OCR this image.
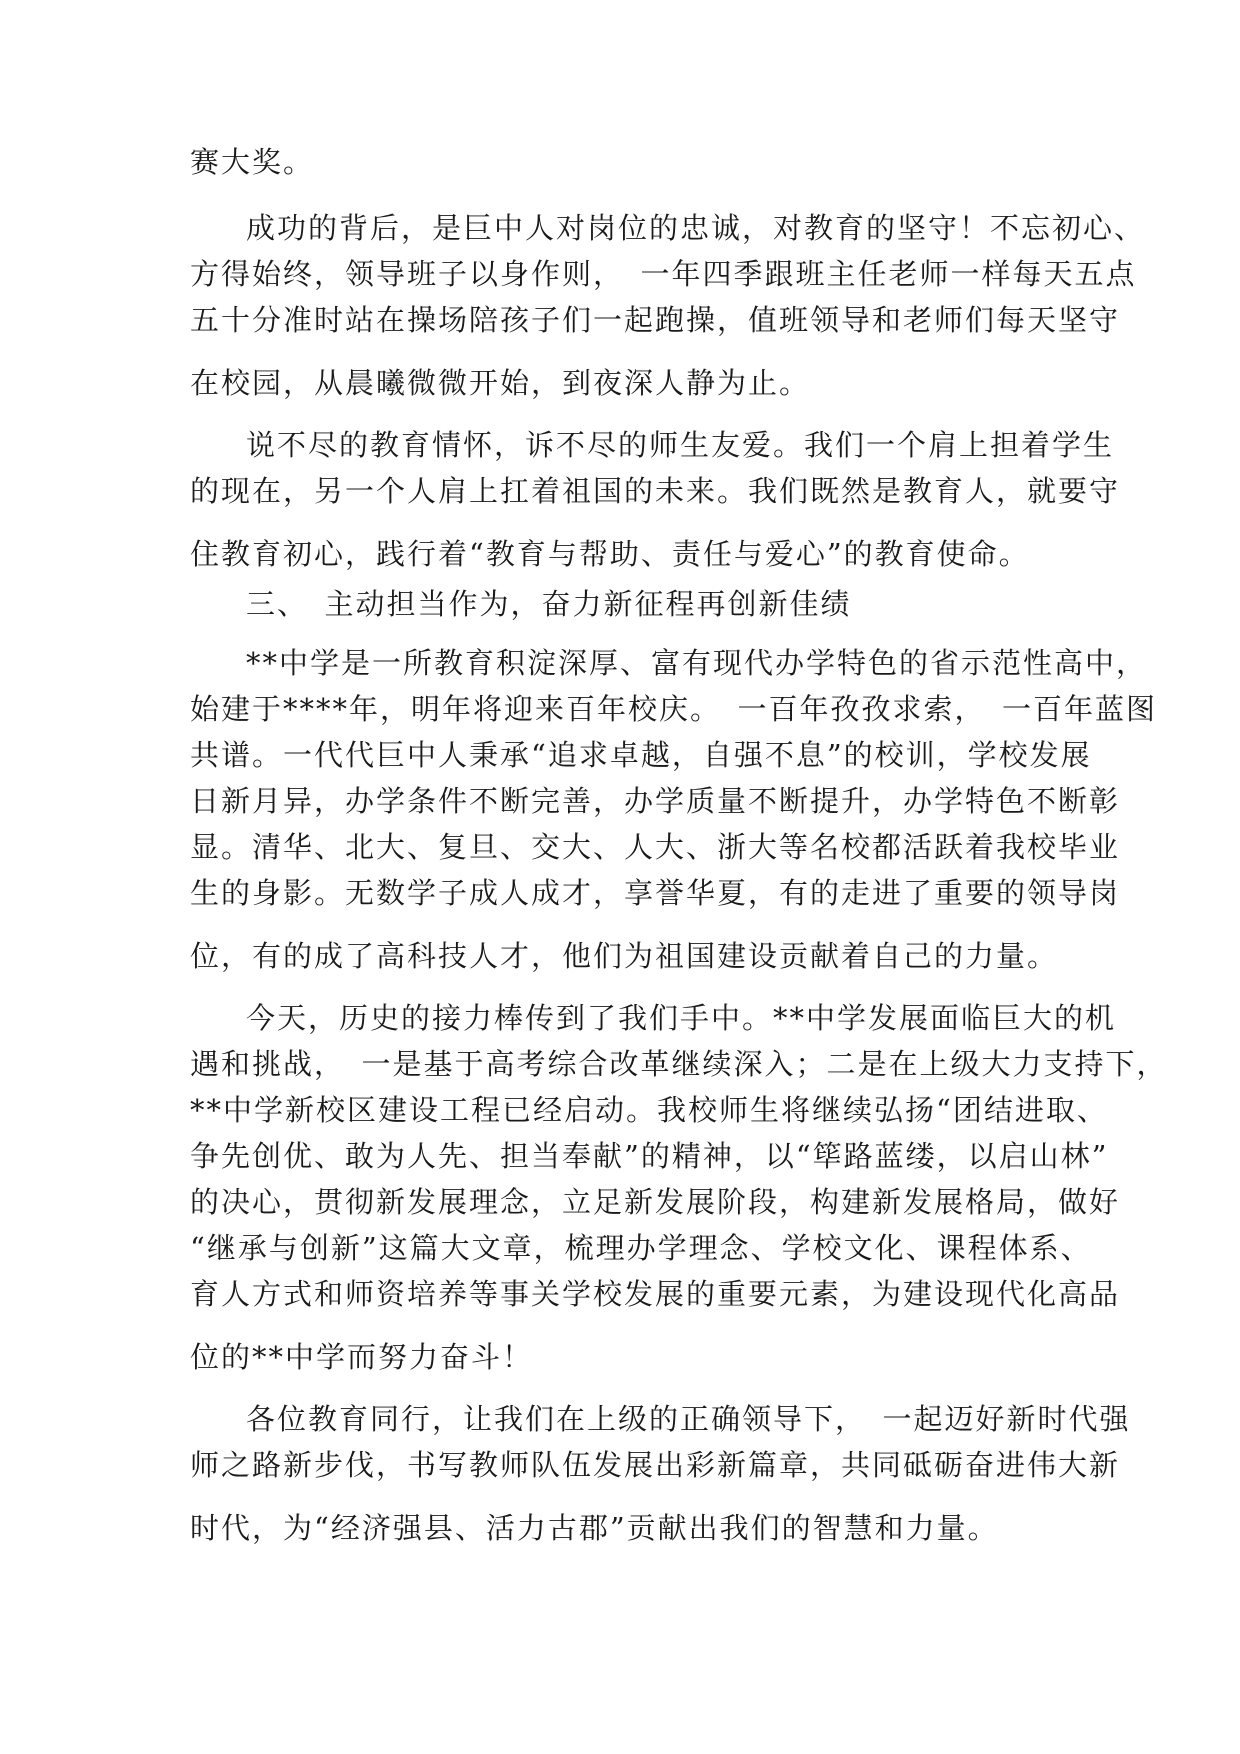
赛大奖。
成功的背后，是巨中人对岗位的忠诚，对教育的坚守！不忘初心、
方得始终，领导班子以身作则，　一年四季跟班主任老师一样每天五点
五十分准时站在操场陪孩子们一起跑操，值班领导和老师们每天坚守
在校园，从晨曦微微开始，到夜深人静为止。
说不尽的教育情怀，诉不尽的师生友爱。我们一个肩上担着学生
的现在，另一个人肩上扛着祖国的未来。我们既然是教育人，就要守
住教育初心，践行着“教育与帮助、责任与爱心”的教育使命。
三、　主动担当作为，奋力新征程再创新佳绩
**中学是一所教育积淀深厚、富有现代办学特色的省示范性高中，
始建于****年，明年将迎来百年校庆。　一百年孜孜求索，　一百年蓝图
共谱。一代代巨中人秉承“追求卓越，自强不息”的校训，学校发展
日新月异，办学条件不断完善，办学质量不断提升，办学特色不断彰
显。清华、北大、复旦、交大、人大、浙大等名校都活跃着我校毕业
生的身影。无数学子成人成才，享誉华夏，有的走进了重要的领导岗
位，有的成了高科技人才，他们为祖国建设贡献着自己的力量。
今天，历史的接力棒传到了我们手中。**中学发展面临巨大的机
遇和挑战，　一是基于高考综合改革继续深入；二是在上级大力支持下，
**中学新校区建设工程已经启动。我校师生将继续弘扬“团结进取、
争先创优、敢为人先、担当奉献”的精神，以“筚路蓝缕，以启山林”
的决心，贯彻新发展理念，立足新发展阶段，构建新发展格局，做好
“继承与创新”这篇大文章，梳理办学理念、学校文化、课程体系、
育人方式和师资培养等事关学校发展的重要元素，为建设现代化高品
位的**中学而努力奋斗！
各位教育同行，让我们在上级的正确领导下，　一起迈好新时代强
师之路新步伐，书写教师队伍发展出彩新篇章，共同砥砺奋进伟大新
时代，为“经济强县、活力古郡”贡献出我们的智慧和力量。
